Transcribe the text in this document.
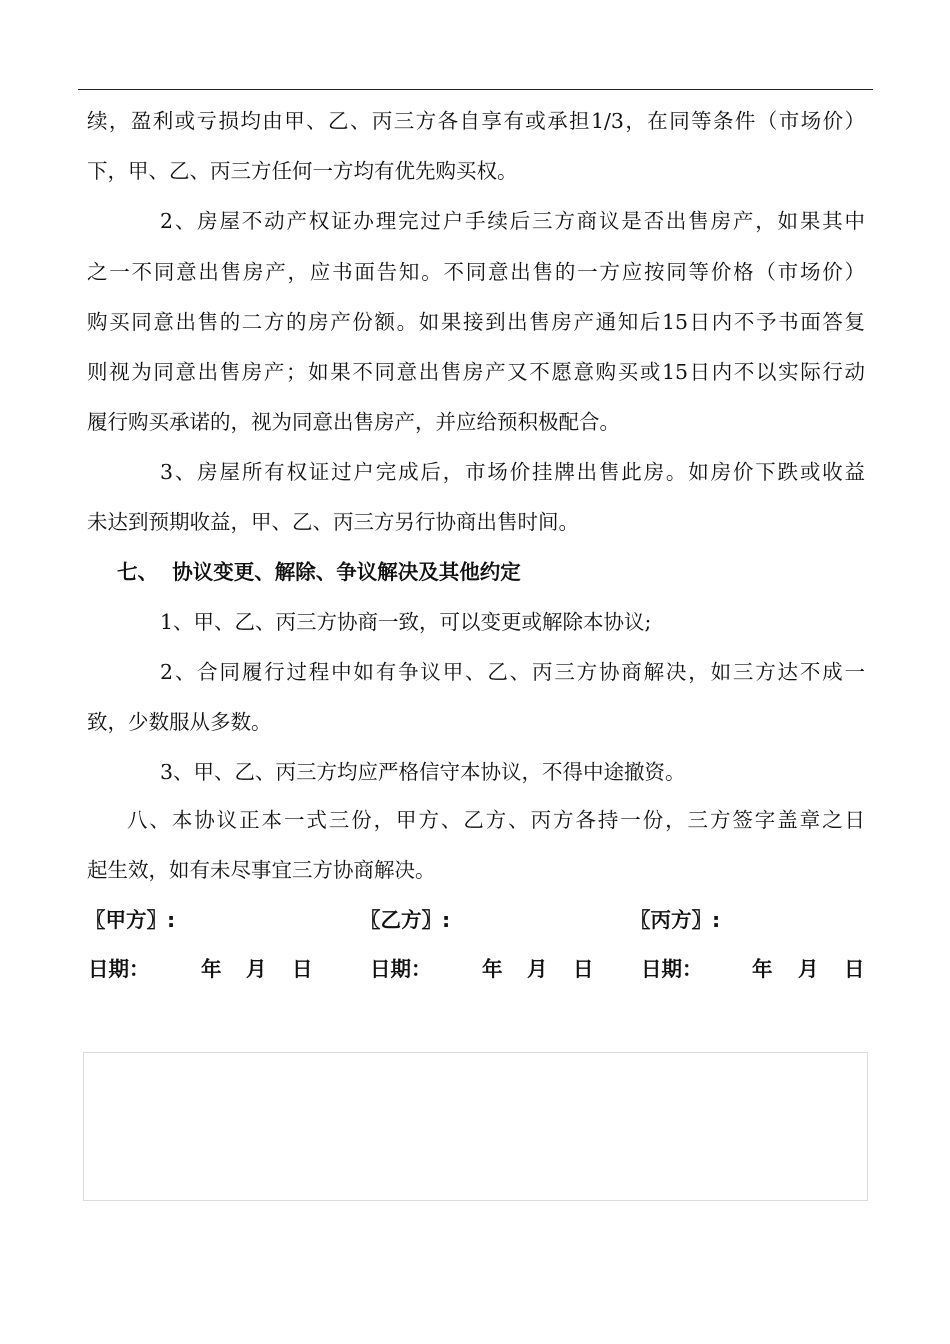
续，盈利或亏损均由甲、乙、丙三方各自享有或承担1/3，在同等条件（市场价）
下，甲、乙、丙三方任何一方均有优先购买权。
2、房屋不动产权证办理完过户手续后三方商议是否出售房产，如果其中
之一不同意出售房产，应书面告知。不同意出售的一方应按同等价格（市场价）
购买同意出售的二方的房产份额。如果接到出售房产通知后15日内不予书面答复
则视为同意出售房产；如果不同意出售房产又不愿意购买或15日内不以实际行动
履行购买承诺的，视为同意出售房产，并应给预积极配合。
3、房屋所有权证过户完成后，市场价挂牌出售此房。如房价下跌或收益
未达到预期收益，甲、乙、丙三方另行协商出售时间。
七、  协议变更、解除、争议解决及其他约定
1、甲、乙、丙三方协商一致，可以变更或解除本协议;
2、合同履行过程中如有争议甲、乙、丙三方协商解决，如三方达不成一
致，少数服从多数。
3、甲、乙、丙三方均应严格信守本协议，不得中途撤资。
八、本协议正本一式三份，甲方、乙方、丙方各持一份，三方签字盖章之日
起生效，如有未尽事宜三方协商解决。
〖甲方〗:	〖乙方〗:	〖丙方〗:
日期：	年 月 日	日期： 年 月 日 日期： 年 月 日
